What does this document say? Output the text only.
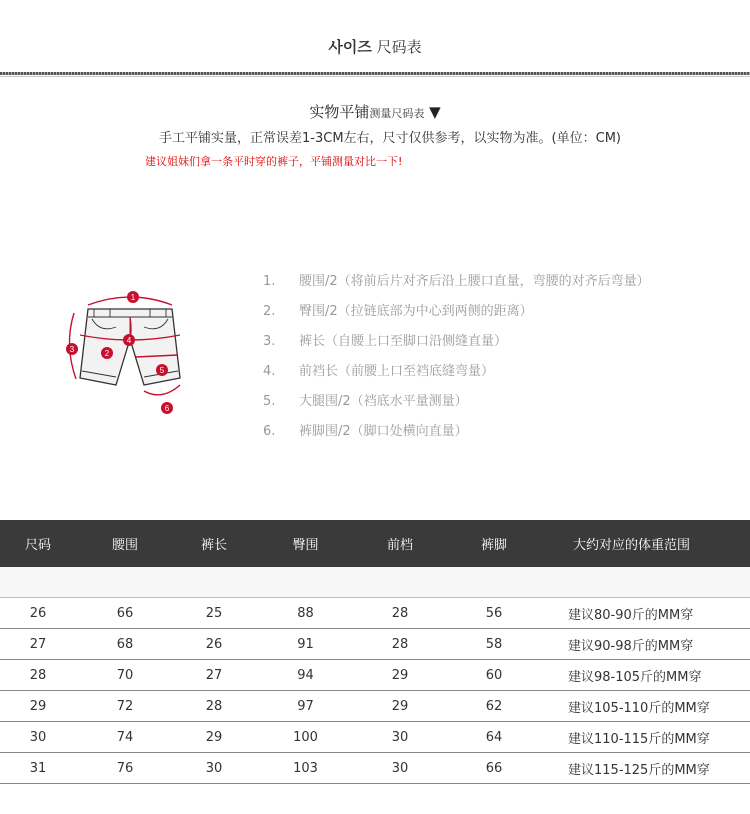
사이즈 尺码表
实物平铺测量尺码表 ▼
手工平铺实量，正常误差1-3CM左右，尺寸仅供参考，以实物为准。(单位：CM)
建议姐妹们拿一条平时穿的裤子，平铺测量对比一下!
1
2
3
4
5
6
1. 腰围/2（将前后片对齐后沿上腰口直量，弯腰的对齐后弯量）
2. 臀围/2（拉链底部为中心到两侧的距离）
3. 裤长（自腰上口至脚口沿侧缝直量）
4. 前裆长（前腰上口至裆底缝弯量）
5. 大腿围/2（裆底水平量测量）
6. 裤脚围/2（脚口处横向直量）
尺码	腰围	裤长	臀围	前档	裤脚	大约对应的体重范围
26	66	25	88	28	56	建议80-90斤的MM穿
27	68	26	91	28	58	建议90-98斤的MM穿
28	70	27	94	29	60	建议98-105斤的MM穿
29	72	28	97	29	62	建议105-110斤的MM穿
30	74	29	100	30	64	建议110-115斤的MM穿
31	76	30	103	30	66	建议115-125斤的MM穿
